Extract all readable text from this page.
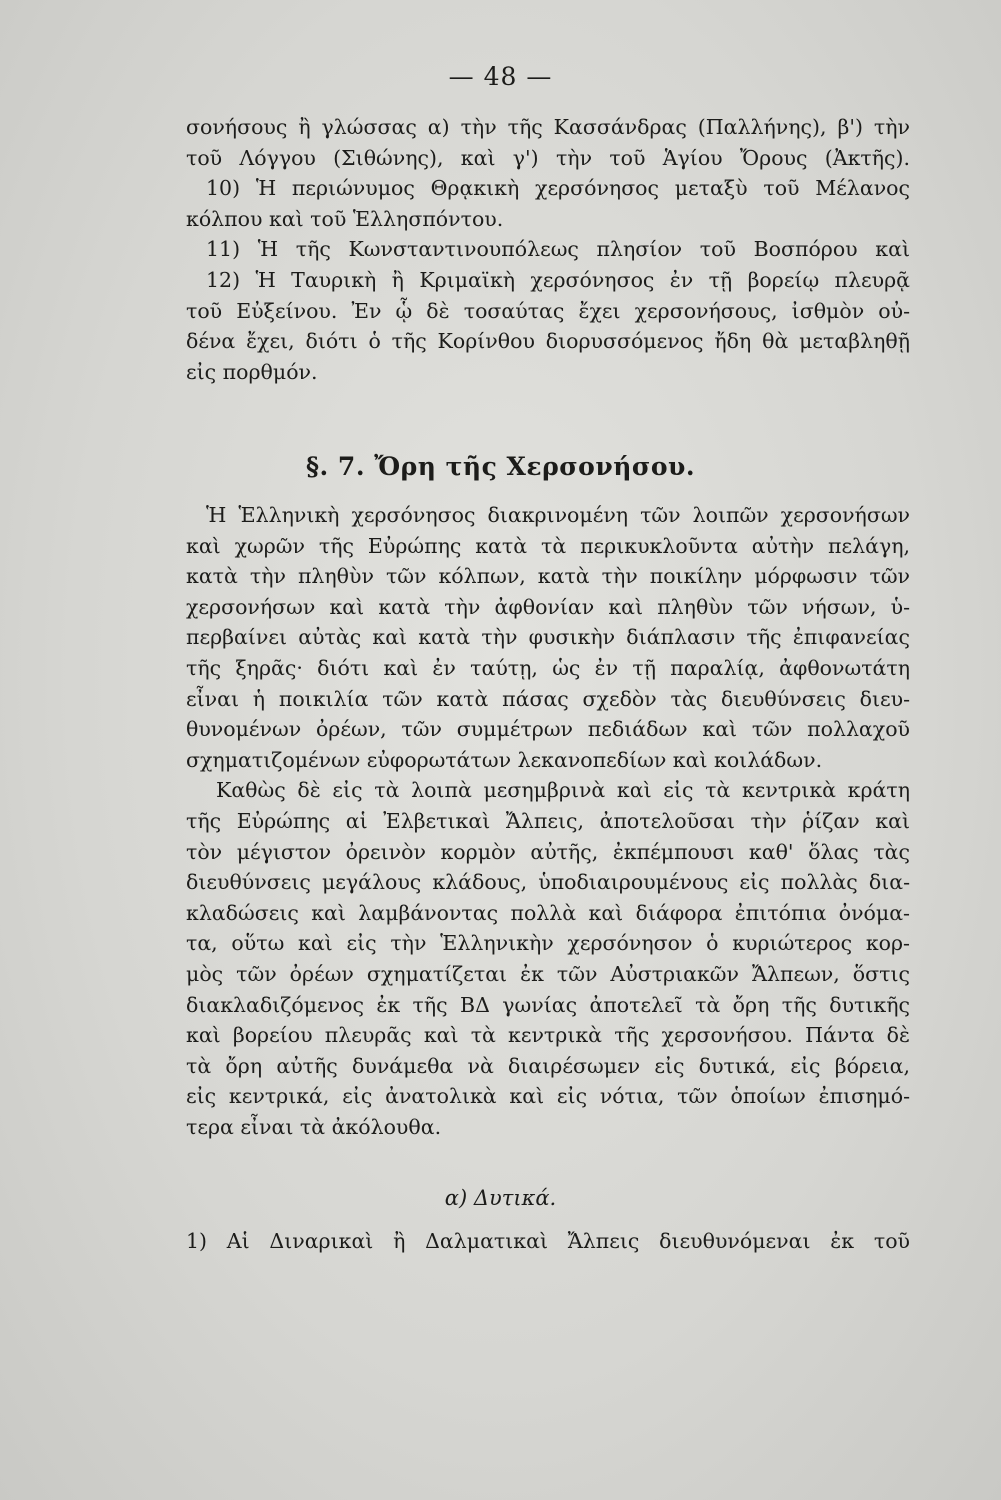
— 48 —
σονήσους ἢ γλώσσας α) τὴν τῆς Κασσάνδρας (Παλλήνης), β') τὴν
τοῦ Λόγγου (Σιθώνης), καὶ γ') τὴν τοῦ Ἁγίου Ὄρους (Ἀκτῆς).
10) Ἡ περιώνυμος Θρᾳκικὴ χερσόνησος μεταξὺ τοῦ Μέλανος
κόλπου καὶ τοῦ Ἑλλησπόντου.
11) Ἡ τῆς Κωνσταντινουπόλεως πλησίον τοῦ Βοσπόρου καὶ
12) Ἡ Ταυρικὴ ἢ Κριμαϊκὴ χερσόνησος ἐν τῇ βορείῳ πλευρᾷ
τοῦ Εὐξείνου. Ἐν ᾧ δὲ τοσαύτας ἔχει χερσονήσους, ἰσθμὸν οὐ-
δένα ἔχει, διότι ὁ τῆς Κορίνθου διορυσσόμενος ἤδη θὰ μεταβληθῇ
εἰς πορθμόν.
§. 7. Ὄρη τῆς Χερσονήσου.
Ἡ Ἑλληνικὴ χερσόνησος διακρινομένη τῶν λοιπῶν χερσονήσων
καὶ χωρῶν τῆς Εὐρώπης κατὰ τὰ περικυκλοῦντα αὐτὴν πελάγη,
κατὰ τὴν πληθὺν τῶν κόλπων, κατὰ τὴν ποικίλην μόρφωσιν τῶν
χερσονήσων καὶ κατὰ τὴν ἀφθονίαν καὶ πληθὺν τῶν νήσων, ὑ-
περβαίνει αὐτὰς καὶ κατὰ τὴν φυσικὴν διάπλασιν τῆς ἐπιφανείας
τῆς ξηρᾶς· διότι καὶ ἐν ταύτῃ, ὡς ἐν τῇ παραλίᾳ, ἀφθονωτάτη
εἶναι ἡ ποικιλία τῶν κατὰ πάσας σχεδὸν τὰς διευθύνσεις διευ-
θυνομένων ὀρέων, τῶν συμμέτρων πεδιάδων καὶ τῶν πολλαχοῦ
σχηματιζομένων εὐφορωτάτων λεκανοπεδίων καὶ κοιλάδων.
Καθὼς δὲ εἰς τὰ λοιπὰ μεσημβρινὰ καὶ εἰς τὰ κεντρικὰ κράτη
τῆς Εὐρώπης αἱ Ἐλβετικαὶ Ἄλπεις, ἀποτελοῦσαι τὴν ῥίζαν καὶ
τὸν μέγιστον ὀρεινὸν κορμὸν αὐτῆς, ἐκπέμπουσι καθ' ὅλας τὰς
διευθύνσεις μεγάλους κλάδους, ὑποδιαιρουμένους εἰς πολλὰς δια-
κλαδώσεις καὶ λαμβάνοντας πολλὰ καὶ διάφορα ἐπιτόπια ὀνόμα-
τα, οὕτω καὶ εἰς τὴν Ἑλληνικὴν χερσόνησον ὁ κυριώτερος κορ-
μὸς τῶν ὀρέων σχηματίζεται ἐκ τῶν Αὐστριακῶν Ἄλπεων, ὅστις
διακλαδιζόμενος ἐκ τῆς ΒΔ γωνίας ἀποτελεῖ τὰ ὄρη τῆς δυτικῆς
καὶ βορείου πλευρᾶς καὶ τὰ κεντρικὰ τῆς χερσονήσου. Πάντα δὲ
τὰ ὄρη αὐτῆς δυνάμεθα νὰ διαιρέσωμεν εἰς δυτικά, εἰς βόρεια,
εἰς κεντρικά, εἰς ἀνατολικὰ καὶ εἰς νότια, τῶν ὁποίων ἐπισημό-
τερα εἶναι τὰ ἀκόλουθα.
α) Δυτικά.
1) Αἱ Διναρικαὶ ἢ Δαλματικαὶ Ἄλπεις διευθυνόμεναι ἐκ τοῦ
